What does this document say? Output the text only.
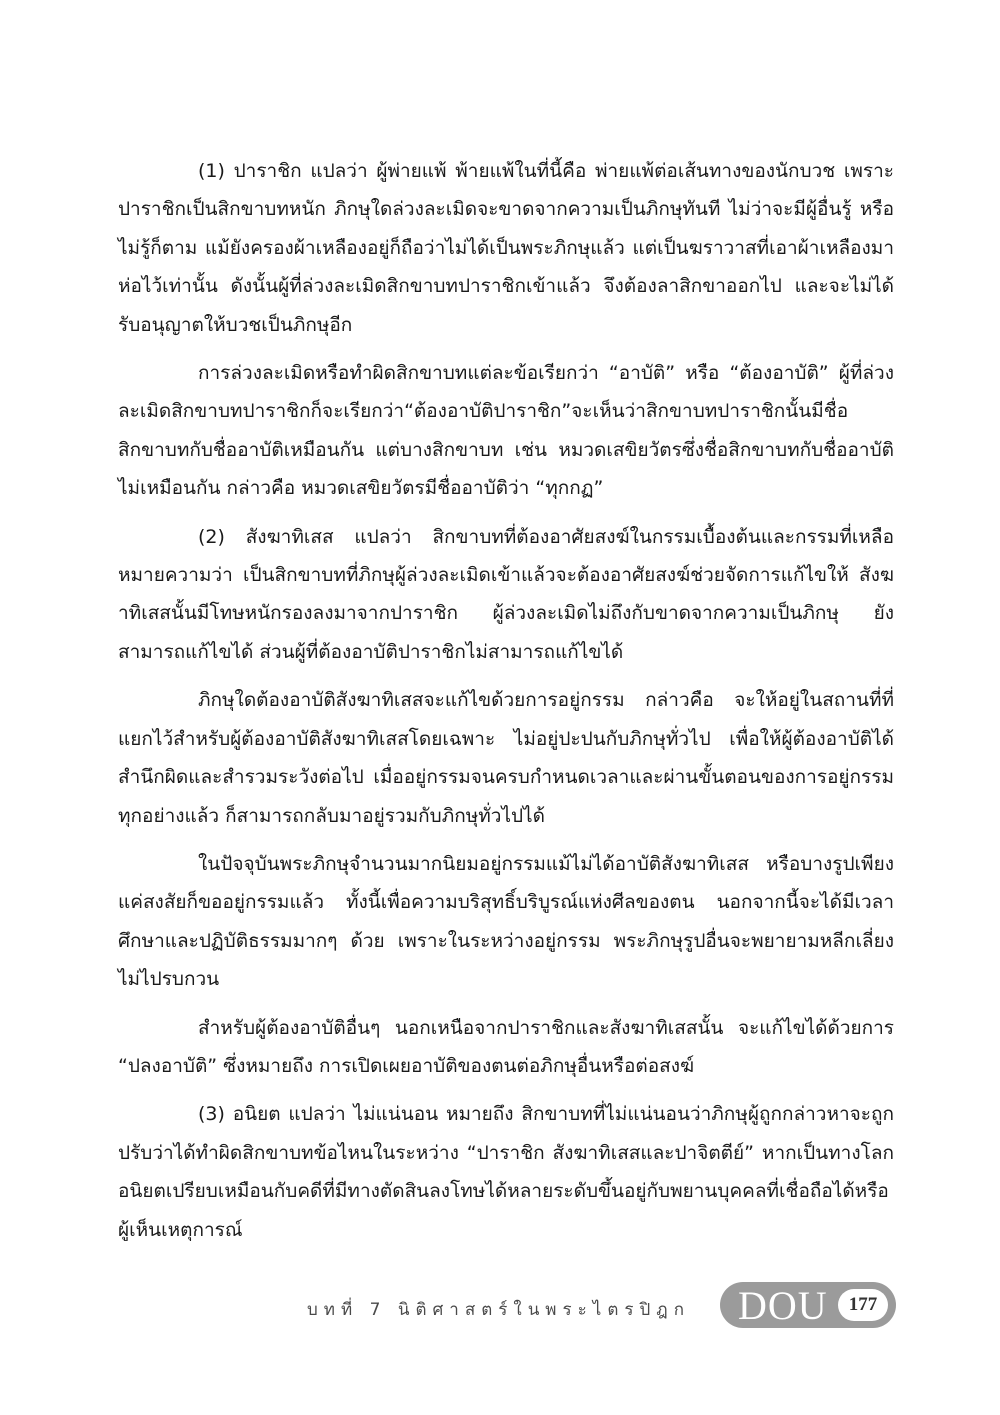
(1) ปาราชิก แปลว่า ผู้พ่ายแพ้ พ้ายแพ้ในที่นี้คือ พ่ายแพ้ต่อเส้นทางของนักบวช เพราะปาราชิกเป็นสิกขาบทหนัก ภิกษุใดล่วงละเมิดจะขาดจากความเป็นภิกษุทันที ไม่ว่าจะมีผู้อื่นรู้ หรือไม่รู้ก็ตาม แม้ยังครองผ้าเหลืองอยู่ก็ถือว่าไม่ได้เป็นพระภิกษุแล้ว แต่เป็นฆราวาสที่เอาผ้าเหลืองมาห่อไว้เท่านั้น ดังนั้นผู้ที่ล่วงละเมิดสิกขาบทปาราชิกเข้าแล้ว จึงต้องลาสิกขาออกไป และจะไม่ได้รับอนุญาตให้บวชเป็นภิกษุอีก

การล่วงละเมิดหรือทำผิดสิกขาบทแต่ละข้อเรียกว่า “อาบัติ” หรือ “ต้องอาบัติ” ผู้ที่ล่วงละเมิดสิกขาบทปาราชิกก็จะเรียกว่า“ต้องอาบัติปาราชิก”จะเห็นว่าสิกขาบทปาราชิกนั้นมีชื่อสิกขาบทกับชื่ออาบัติเหมือนกัน แต่บางสิกขาบท เช่น หมวดเสขิยวัตรซึ่งชื่อสิกขาบทกับชื่ออาบัติไม่เหมือนกัน กล่าวคือ หมวดเสขิยวัตรมีชื่ออาบัติว่า “ทุกกฏ”

(2) สังฆาทิเสส แปลว่า สิกขาบทที่ต้องอาศัยสงฆ์ในกรรมเบื้องต้นและกรรมที่เหลือ หมายความว่า เป็นสิกขาบทที่ภิกษุผู้ล่วงละเมิดเข้าแล้วจะต้องอาศัยสงฆ์ช่วยจัดการแก้ไขให้ สังฆาทิเสสนั้นมีโทษหนักรองลงมาจากปาราชิก ผู้ล่วงละเมิดไม่ถึงกับขาดจากความเป็นภิกษุ ยังสามารถแก้ไขได้ ส่วนผู้ที่ต้องอาบัติปาราชิกไม่สามารถแก้ไขได้

ภิกษุใดต้องอาบัติสังฆาทิเสสจะแก้ไขด้วยการอยู่กรรม กล่าวคือ จะให้อยู่ในสถานที่ที่แยกไว้สำหรับผู้ต้องอาบัติสังฆาทิเสสโดยเฉพาะ ไม่อยู่ปะปนกับภิกษุทั่วไป เพื่อให้ผู้ต้องอาบัติได้สำนึกผิดและสำรวมระวังต่อไป เมื่ออยู่กรรมจนครบกำหนดเวลาและผ่านขั้นตอนของการอยู่กรรมทุกอย่างแล้ว ก็สามารถกลับมาอยู่รวมกับภิกษุทั่วไปได้

ในปัจจุบันพระภิกษุจำนวนมากนิยมอยู่กรรมแม้ไม่ได้อาบัติสังฆาทิเสส หรือบางรูปเพียงแค่สงสัยก็ขออยู่กรรมแล้ว ทั้งนี้เพื่อความบริสุทธิ์บริบูรณ์แห่งศีลของตน นอกจากนี้จะได้มีเวลาศึกษาและปฏิบัติธรรมมากๆ ด้วย เพราะในระหว่างอยู่กรรม พระภิกษุรูปอื่นจะพยายามหลีกเลี่ยงไม่ไปรบกวน

สำหรับผู้ต้องอาบัติอื่นๆ นอกเหนือจากปาราชิกและสังฆาทิเสสนั้น จะแก้ไขได้ด้วยการ “ปลงอาบัติ” ซึ่งหมายถึง การเปิดเผยอาบัติของตนต่อภิกษุอื่นหรือต่อสงฆ์

(3) อนิยต แปลว่า ไม่แน่นอน หมายถึง สิกขาบทที่ไม่แน่นอนว่าภิกษุผู้ถูกกล่าวหาจะถูกปรับว่าได้ทำผิดสิกขาบทข้อไหนในระหว่าง “ปาราชิก สังฆาทิเสสและปาจิตตีย์” หากเป็นทางโลกอนิยตเปรียบเหมือนกับคดีที่มีทางตัดสินลงโทษได้หลายระดับขึ้นอยู่กับพยานบุคคลที่เชื่อถือได้หรือผู้เห็นเหตุการณ์

บทที่ 7 นิติศาสตร์ในพระไตรปิฎก DOU	177
